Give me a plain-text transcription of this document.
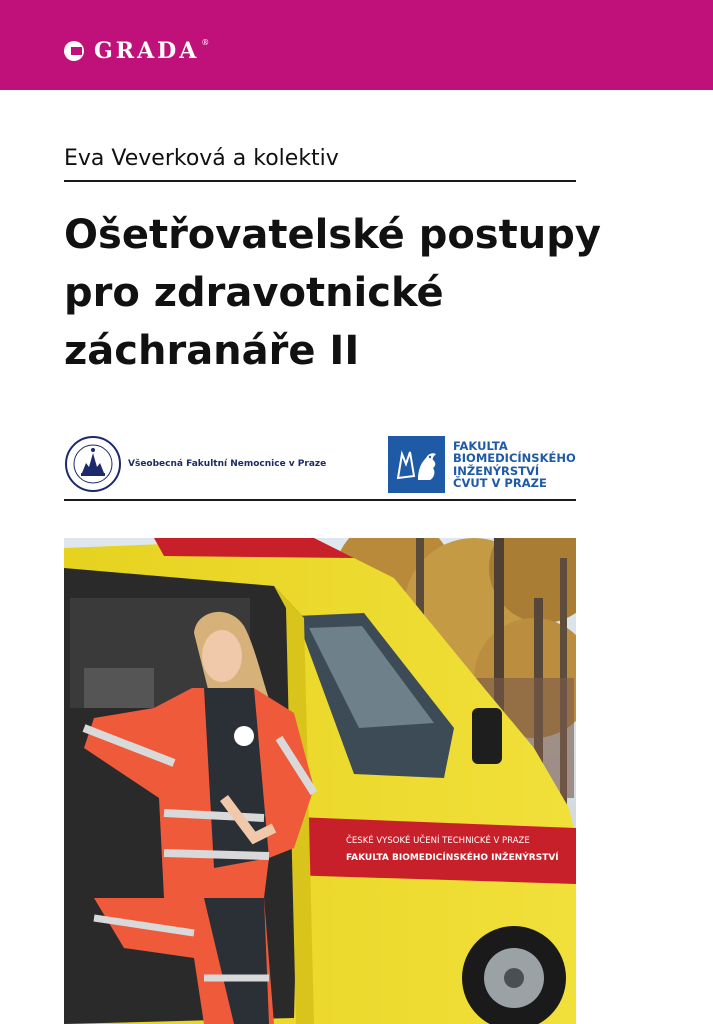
GRADA ®
Eva Veverková a kolektiv
Ošetřovatelské postupy
pro zdravotnické
záchranáře II
Všeobecná Fakultní Nemocnice v Praze
FAKULTA
BIOMEDICÍNSKÉHO
INŽENÝRSTVÍ
ČVUT V PRAZE
ČESKÉ VYSOKÉ UČENÍ TECHNICKÉ V PRAZE
FAKULTA BIOMEDICÍNSKÉHO INŽENÝRSTVÍ
